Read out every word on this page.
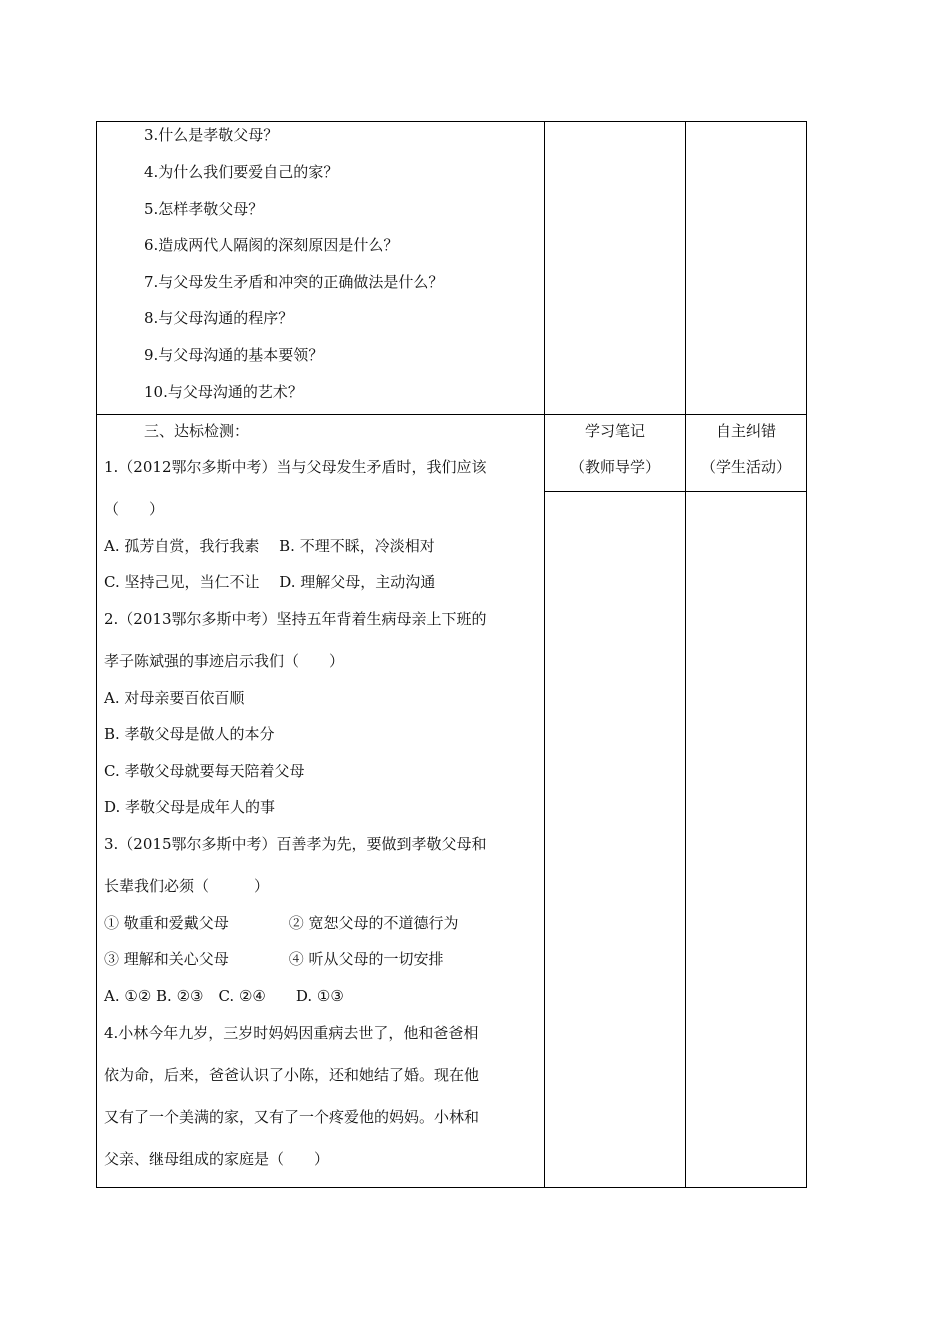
3.什么是孝敬父母？
4.为什么我们要爱自己的家？
5.怎样孝敬父母？
6.造成两代人隔阂的深刻原因是什么？
7.与父母发生矛盾和冲突的正确做法是什么？
8.与父母沟通的程序？
9.与父母沟通的基本要领？
10.与父母沟通的艺术？
三、达标检测：	学习笔记
（教师导学）
自主纠错
（学生活动）
1.（2012鄂尔多斯中考）当与父母发生矛盾时，我们应该
（　　）
A. 孤芳自赏，我行我素　 B. 不理不睬，冷淡相对
C. 坚持己见，当仁不让　 D. 理解父母，主动沟通
2.（2013鄂尔多斯中考）坚持五年背着生病母亲上下班的
孝子陈斌强的事迹启示我们（　　）
A. 对母亲要百依百顺
B. 孝敬父母是做人的本分
C. 孝敬父母就要每天陪着父母
D. 孝敬父母是成年人的事
3.（2015鄂尔多斯中考）百善孝为先，要做到孝敬父母和
长辈我们必须（　　　）
① 敬重和爱戴父母　　　　② 宽恕父母的不道德行为
③ 理解和关心父母　　　　④ 听从父母的一切安排
A. ①② B. ②③　C. ②④　　D. ①③
4.小林今年九岁，三岁时妈妈因重病去世了，他和爸爸相
依为命，后来，爸爸认识了小陈，还和她结了婚。现在他
又有了一个美满的家，又有了一个疼爱他的妈妈。小林和
父亲、继母组成的家庭是（　　）
